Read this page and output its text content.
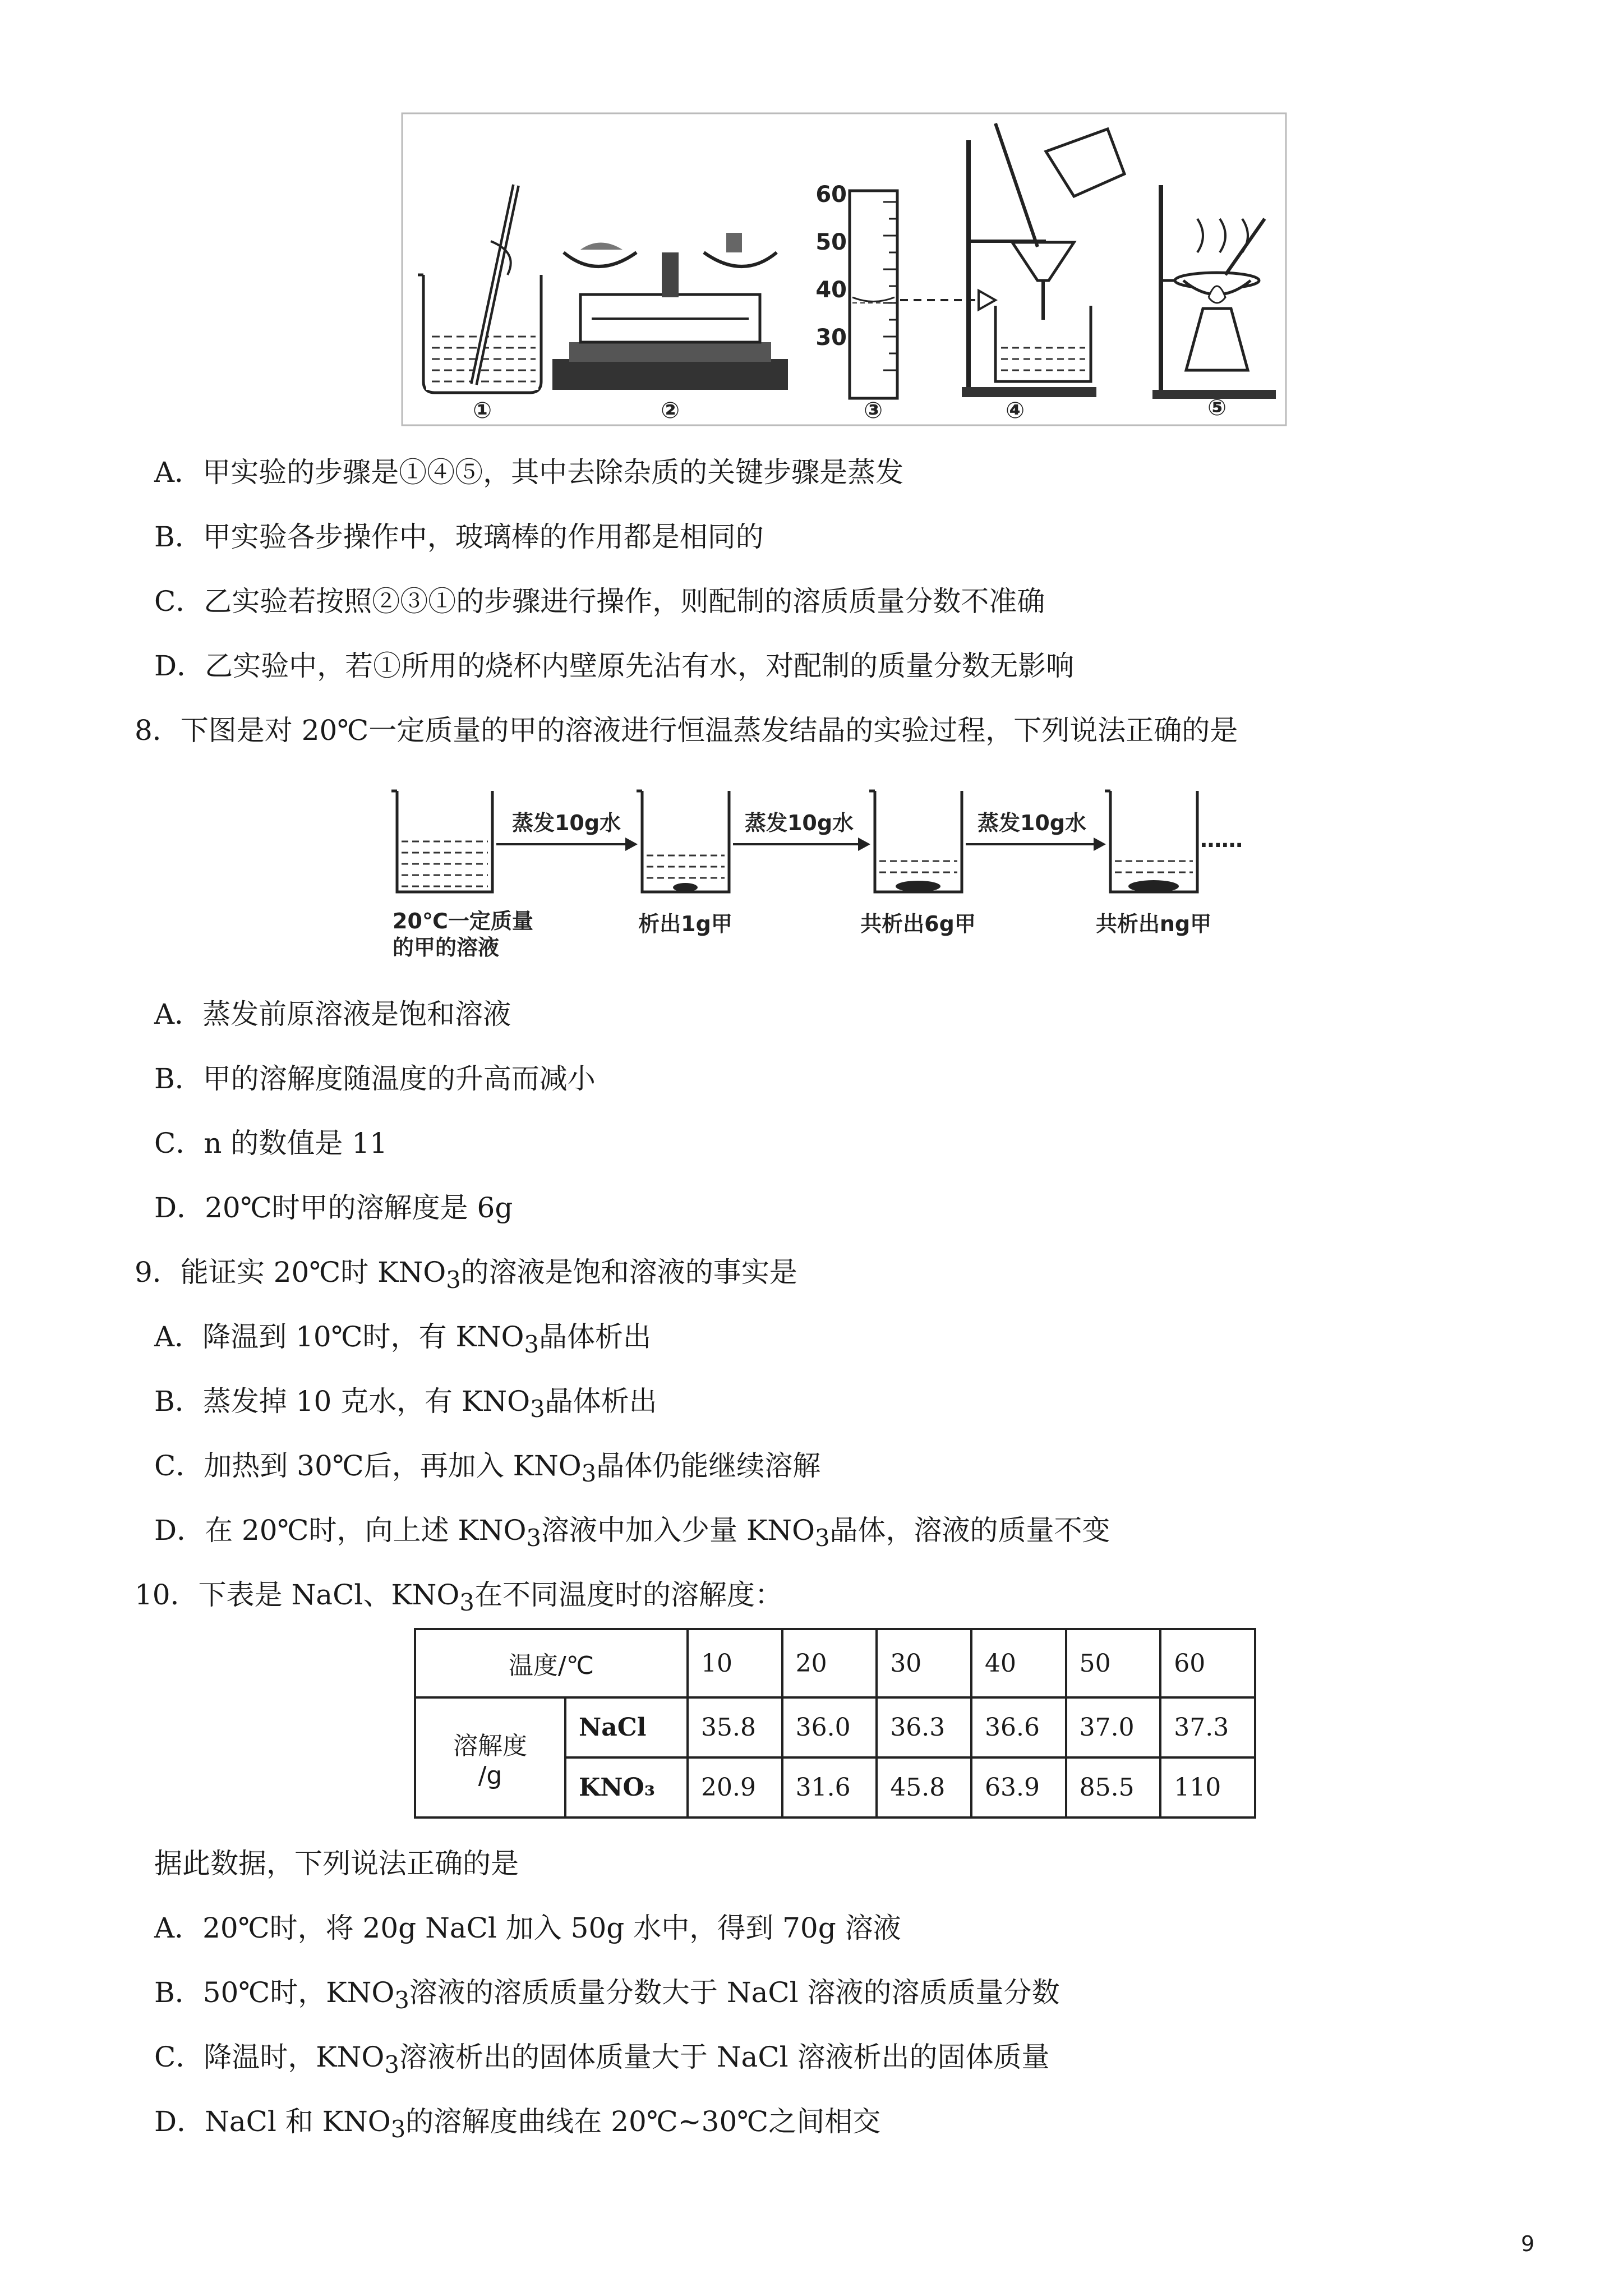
60
50
40
30
①	②	③	④	⑤
A．甲实验的步骤是①④⑤，其中去除杂质的关键步骤是蒸发
B．甲实验各步操作中，玻璃棒的作用都是相同的
C．乙实验若按照②③①的步骤进行操作，则配制的溶质质量分数不准确
D．乙实验中，若①所用的烧杯内壁原先沾有水，对配制的质量分数无影响
8．下图是对 20℃一定质量的甲的溶液进行恒温蒸发结晶的实验过程，下列说法正确的是
蒸发10g水	蒸发10g水	蒸发10g水
……
20℃一定质量
的甲的溶液
析出1g甲	共析出6g甲	共析出ng甲
A．蒸发前原溶液是饱和溶液
B．甲的溶解度随温度的升高而减小
C．n 的数值是 11
D．20℃时甲的溶解度是 6g
9．能证实 20℃时 $KNO_3$的溶液是饱和溶液的事实是
A．降温到 10℃时，有 $KNO_3$晶体析出
B．蒸发掉 10 克水，有 $KNO_3$晶体析出
C．加热到 30℃后，再加入 $KNO_3$晶体仍能继续溶解
D．在 20℃时，向上述 $KNO_3$溶液中加入少量 $KNO_3$晶体，溶液的质量不变
10．下表是 NaCl、$KNO_3$在不同温度时的溶解度：
温度/℃		10	20	30	40	50	60
溶解度
/g	NaCl	35.8	36.0	36.3	36.6	37.0	37.3
	KNO₃	20.9	31.6	45.8	63.9	85.5	110
据此数据，下列说法正确的是
A．20℃时，将 20g NaCl 加入 50g 水中，得到 70g 溶液
B．50℃时，$KNO_3$溶液的溶质质量分数大于 NaCl 溶液的溶质质量分数
C．降温时，$KNO_3$溶液析出的固体质量大于 NaCl 溶液析出的固体质量
D．NaCl 和 $KNO_3$的溶解度曲线在 20℃~30℃之间相交
9
